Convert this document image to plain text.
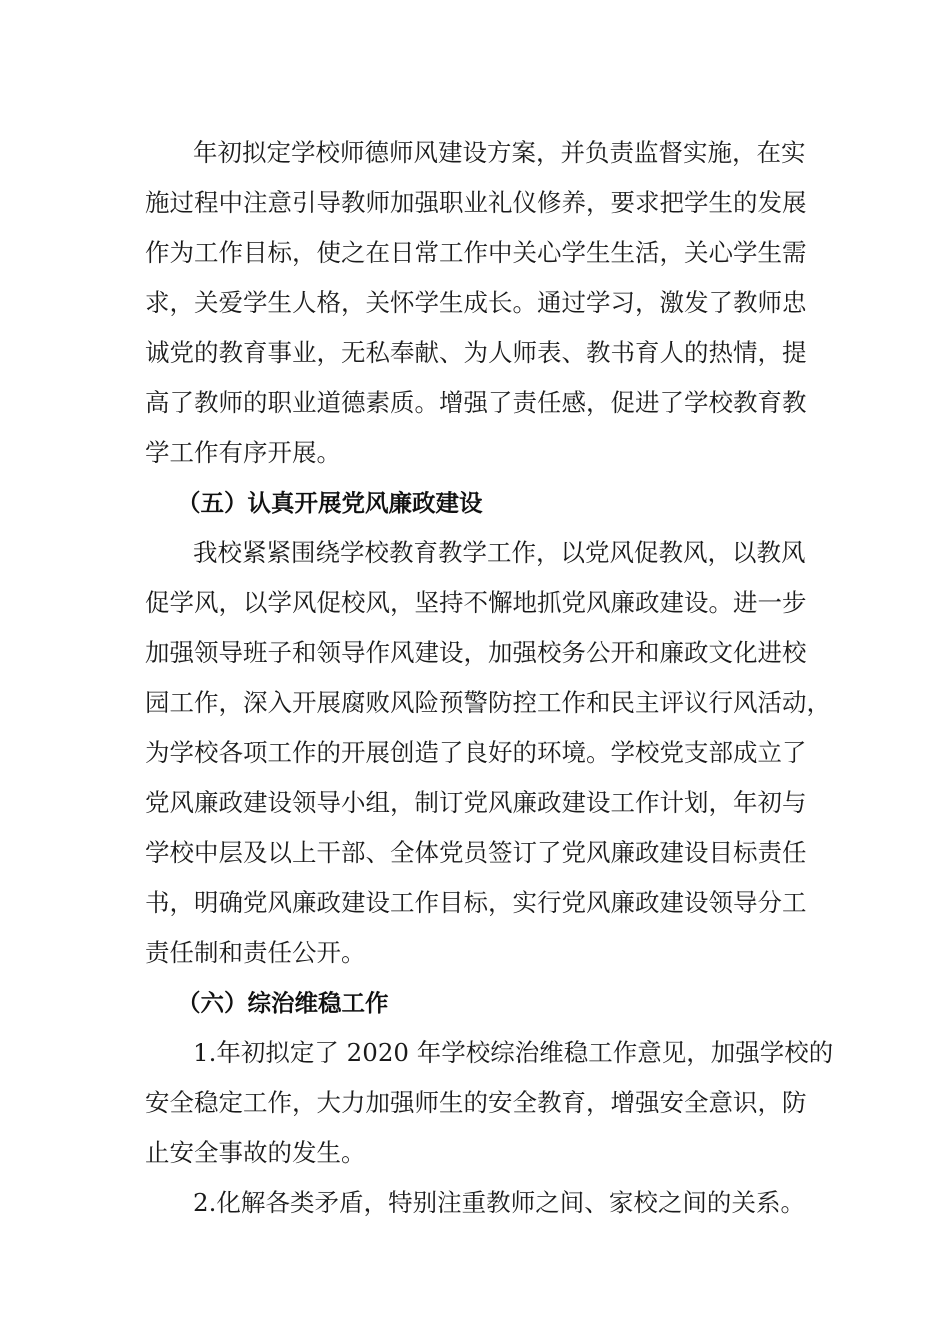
年初拟定学校师德师风建设方案，并负责监督实施，在实
施过程中注意引导教师加强职业礼仪修养，要求把学生的发展
作为工作目标，使之在日常工作中关心学生生活，关心学生需
求，关爱学生人格，关怀学生成长。通过学习，激发了教师忠
诚党的教育事业，无私奉献、为人师表、教书育人的热情，提
高了教师的职业道德素质。增强了责任感，促进了学校教育教
学工作有序开展。
（五）认真开展党风廉政建设
我校紧紧围绕学校教育教学工作，以党风促教风，以教风
促学风，以学风促校风，坚持不懈地抓党风廉政建设。进一步
加强领导班子和领导作风建设，加强校务公开和廉政文化进校
园工作，深入开展腐败风险预警防控工作和民主评议行风活动，
为学校各项工作的开展创造了良好的环境。学校党支部成立了
党风廉政建设领导小组，制订党风廉政建设工作计划，年初与
学校中层及以上干部、全体党员签订了党风廉政建设目标责任
书，明确党风廉政建设工作目标，实行党风廉政建设领导分工
责任制和责任公开。
（六）综治维稳工作
1.年初拟定了 2020 年学校综治维稳工作意见，加强学校的
安全稳定工作，大力加强师生的安全教育，增强安全意识，防
止安全事故的发生。
2.化解各类矛盾，特别注重教师之间、家校之间的关系。
